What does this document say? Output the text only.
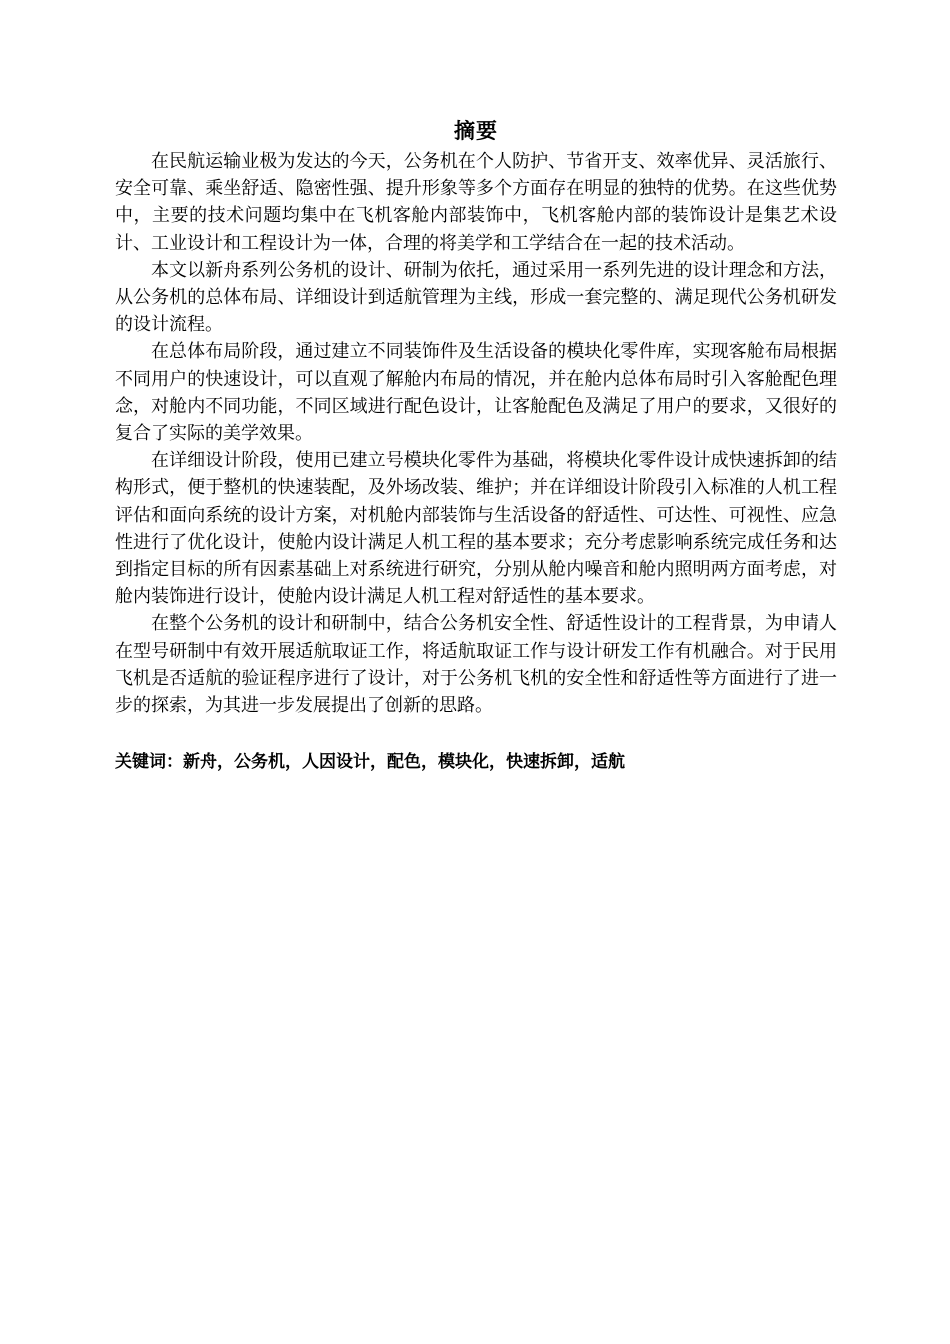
摘要

在民航运输业极为发达的今天，公务机在个人防护、节省开支、效率优异、灵活旅行、安全可靠、乘坐舒适、隐密性强、提升形象等多个方面存在明显的独特的优势。在这些优势中，主要的技术问题均集中在飞机客舱内部装饰中，飞机客舱内部的装饰设计是集艺术设计、工业设计和工程设计为一体，合理的将美学和工学结合在一起的技术活动。

本文以新舟系列公务机的设计、研制为依托，通过采用一系列先进的设计理念和方法，从公务机的总体布局、详细设计到适航管理为主线，形成一套完整的、满足现代公务机研发的设计流程。

在总体布局阶段，通过建立不同装饰件及生活设备的模块化零件库，实现客舱布局根据不同用户的快速设计，可以直观了解舱内布局的情况，并在舱内总体布局时引入客舱配色理念，对舱内不同功能，不同区域进行配色设计，让客舱配色及满足了用户的要求，又很好的复合了实际的美学效果。

在详细设计阶段，使用已建立号模块化零件为基础，将模块化零件设计成快速拆卸的结构形式，便于整机的快速装配，及外场改装、维护；并在详细设计阶段引入标准的人机工程评估和面向系统的设计方案，对机舱内部装饰与生活设备的舒适性、可达性、可视性、应急性进行了优化设计，使舱内设计满足人机工程的基本要求；充分考虑影响系统完成任务和达到指定目标的所有因素基础上对系统进行研究，分别从舱内噪音和舱内照明两方面考虑，对舱内装饰进行设计，使舱内设计满足人机工程对舒适性的基本要求。

在整个公务机的设计和研制中，结合公务机安全性、舒适性设计的工程背景，为申请人在型号研制中有效开展适航取证工作，将适航取证工作与设计研发工作有机融合。对于民用飞机是否适航的验证程序进行了设计，对于公务机飞机的安全性和舒适性等方面进行了进一步的探索，为其进一步发展提出了创新的思路。

关键词：新舟，公务机，人因设计，配色，模块化，快速拆卸，适航
